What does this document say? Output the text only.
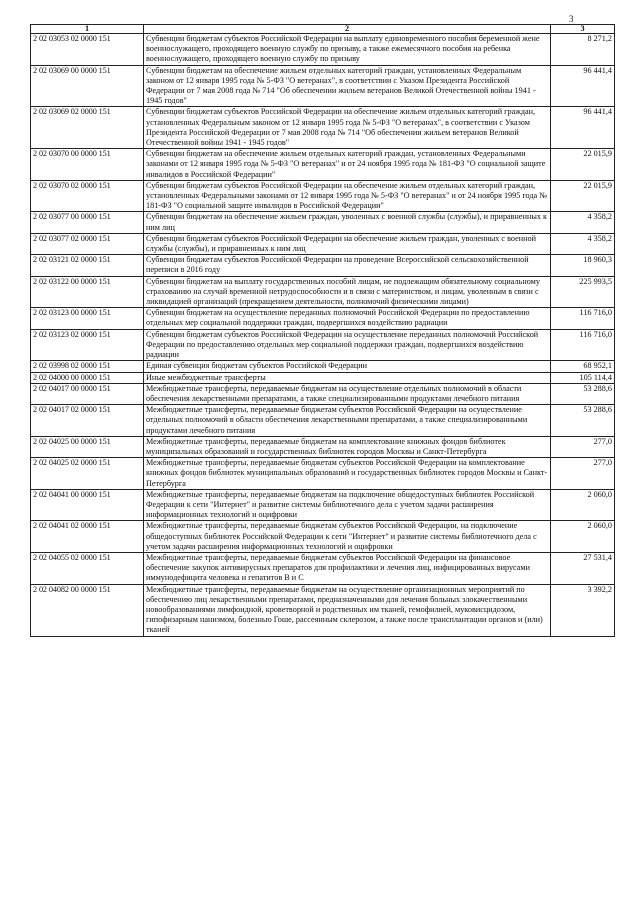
3
1	2	3
2 02 03053 02 0000 151	Субвенции бюджетам субъектов Российской Федерации на выплату единовременного пособия беременной жене военнослужащего, проходящего военную службу по призыву, а также ежемесячного пособия на ребенка военнослужащего, проходящего военную службу по призыву	8 271,2
2 02 03069 00 0000 151	Субвенции бюджетам на обеспечение жильем отдельных категорий граждан, установленных Федеральным законом от 12 января 1995 года № 5-ФЗ "О ветеранах", в соответствии с Указом Президента Российской Федерации от 7 мая 2008 года № 714 "Об обеспечении жильем ветеранов Великой Отечественной войны 1941 - 1945 годов"	96 441,4
2 02 03069 02 0000 151	Субвенции бюджетам субъектов Российской Федерации на обеспечение жильем отдельных категорий граждан, установленных Федеральным законом от 12 января 1995 года № 5-ФЗ "О ветеранах", в соответствии с Указом Президента Российской Федерации от 7 мая 2008 года № 714 "Об обеспечении жильем ветеранов Великой Отечественной войны 1941 - 1945 годов"	96 441,4
2 02 03070 00 0000 151	Субвенции бюджетам на обеспечение жильем отдельных категорий граждан, установленных Федеральными законами от 12 января 1995 года № 5-ФЗ "О ветеранах" и от 24 ноября 1995 года № 181-ФЗ "О социальной защите инвалидов в Российской Федерации"	22 015,9
2 02 03070 02 0000 151	Субвенции бюджетам субъектов Российской Федерации на обеспечение жильем отдельных категорий граждан, установленных Федеральными законами от 12 января 1995 года № 5-ФЗ "О ветеранах" и от 24 ноября 1995 года № 181-ФЗ "О социальной защите инвалидов в Российской Федерации"	22 015,9
2 02 03077 00 0000 151	Субвенции бюджетам на обеспечение жильем граждан, уволенных с военной службы (службы), и приравненных к ним лиц	4 358,2
2 02 03077 02 0000 151	Субвенции бюджетам субъектов Российской Федерации на обеспечение жильем граждан, уволенных с военной службы (службы), и приравненных к ним лиц	4 358,2
2 02 03121 02 0000 151	Субвенции бюджетам субъектов Российской Федерации на проведение Всероссийской сельскохозяйственной переписи в 2016 году	18 960,3
2 02 03122 00 0000 151	Субвенции бюджетам на выплату государственных пособий лицам, не подлежащим обязательному социальному страхованию на случай временной нетрудоспособности и в связи с материнством, и лицам, уволенным в связи с ликвидацией организаций (прекращением деятельности, полномочий физическими лицами)	225 993,5
2 02 03123 00 0000 151	Субвенции бюджетам на осуществление переданных полномочий Российской Федерации по предоставлению отдельных мер социальной поддержки граждан, подвергшихся воздействию радиации	116 716,0
2 02 03123 02 0000 151	Субвенции бюджетам субъектов Российской Федерации на осуществление переданных полномочий Российской Федерации по предоставлению отдельных мер социальной поддержки граждан, подвергшихся воздействию радиации	116 716,0
2 02 03998 02 0000 151	Единая субвенция бюджетам субъектов Российской Федерации	68 952,1
2 02 04000 00 0000 151	Иные межбюджетные трансферты	105 114,4
2 02 04017 00 0000 151	Межбюджетные трансферты, передаваемые бюджетам на осуществление отдельных полномочий в области обеспечения лекарственными препаратами, а также специализированными продуктами лечебного питания	53 288,6
2 02 04017 02 0000 151	Межбюджетные трансферты, передаваемые бюджетам субъектов Российской Федерации на осуществление отдельных полномочий в области обеспечения лекарственными препаратами, а также специализированными продуктами лечебного питания	53 288,6
2 02 04025 00 0000 151	Межбюджетные трансферты, передаваемые бюджетам на комплектование книжных фондов библиотек муниципальных образований и государственных библиотек городов Москвы и Санкт-Петербурга	277,0
2 02 04025 02 0000 151	Межбюджетные трансферты, передаваемые бюджетам субъектов Российской Федерации на комплектование книжных фондов библиотек муниципальных образований и государственных библиотек городов Москвы и Санкт-Петербурга	277,0
2 02 04041 00 0000 151	Межбюджетные трансферты, передаваемые бюджетам на подключение общедоступных библиотек Российской Федерации к сети "Интернет" и развитие системы библиотечного дела с учетом задачи расширения информационных технологий и оцифровки	2 060,0
2 02 04041 02 0000 151	Межбюджетные трансферты, передаваемые бюджетам субъектов Российской Федерации, на подключение общедоступных библиотек Российской Федерации к сети "Интернет" и развитие системы библиотечного дела с учетом задачи расширения информационных технологий и оцифровки	2 060,0
2 02 04055 02 0000 151	Межбюджетные трансферты, передаваемые бюджетам субъектов Российской Федерации на финансовое обеспечение закупок антивирусных препаратов для профилактики и лечения лиц, инфицированных вирусами иммунодефицита человека и гепатитов В и С	27 531,4
2 02 04082 00 0000 151	Межбюджетные трансферты, передаваемые бюджетам на осуществление организационных мероприятий по обеспечению лиц лекарственными препаратами, предназначенными для лечения больных злокачественными новообразованиями лимфоидной, кроветворной и родственных им тканей, гемофилией, муковисцидозом, гипофизарным нанизмом, болезнью Гоше, рассеянным склерозом, а также после трансплантации органов и (или) тканей	3 392,2
